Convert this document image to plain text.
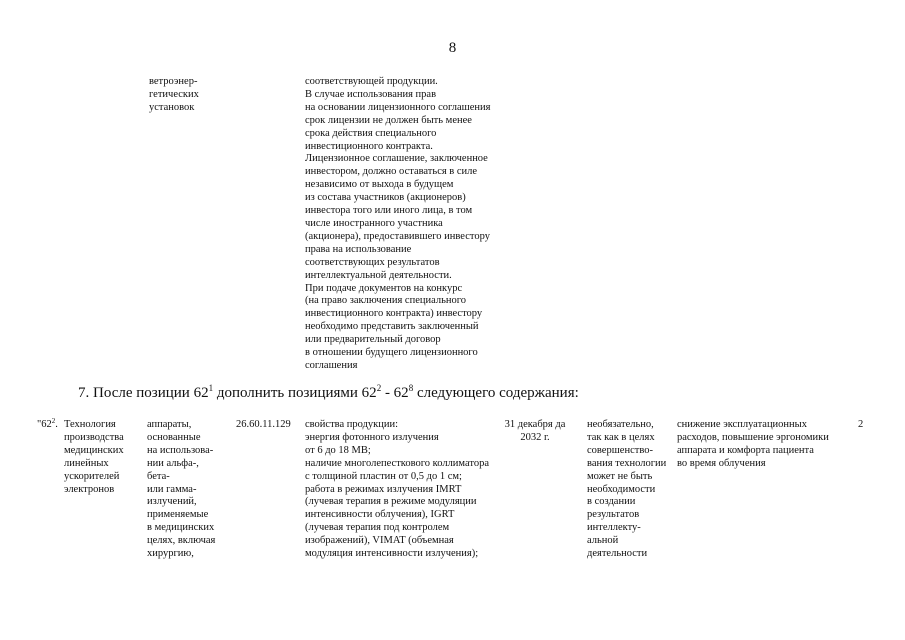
8
ветроэнер-
гетических
установок
соответствующей продукции.
В случае использования прав
на основании лицензионного соглашения
срок лицензии не должен быть менее
срока действия специального
инвестиционного контракта.
Лицензионное соглашение, заключенное
инвестором, должно оставаться в силе
независимо от выхода в будущем
из состава участников (акционеров)
инвестора того или иного лица, в том
числе иностранного участника
(акционера), предоставившего инвестору
права на использование
соответствующих результатов
интеллектуальной деятельности.
При подаче документов на конкурс
(на право заключения специального
инвестиционного контракта) инвестору
необходимо представить заключенный
или предварительный договор
в отношении будущего лицензионного
соглашения
7. После позиции $62^1$ дополнить позициями $62^2 - 62^8$ следующего содержания:
"$62^2$. Технология
производства
медицинских
линейных
ускорителей
электронов
аппараты,
основанные
на использова-
нии альфа-,
бета-
или гамма-
излучений,
применяемые
в медицинских
целях, включая
хирургию,
26.60.11.129 свойства продукции:
энергия фотонного излучения
от 6 до 18 МВ;
наличие многолепесткового коллиматора
с толщиной пластин от 0,5 до 1 см;
работа в режимах излучения IMRT
(лучевая терапия в режиме модуляции
интенсивности облучения), IGRT
(лучевая терапия под контролем
изображений), VIMAT (объемная
модуляция интенсивности излучения);
31 декабря да
2032 г.
необязательно,
так как в целях
совершенство-
вания технологии
может не быть
необходимости
в создании
результатов
интеллекту-
альной
деятельности
снижение эксплуатационных
расходов, повышение эргономики
аппарата и комфорта пациента
во время облучения
2
